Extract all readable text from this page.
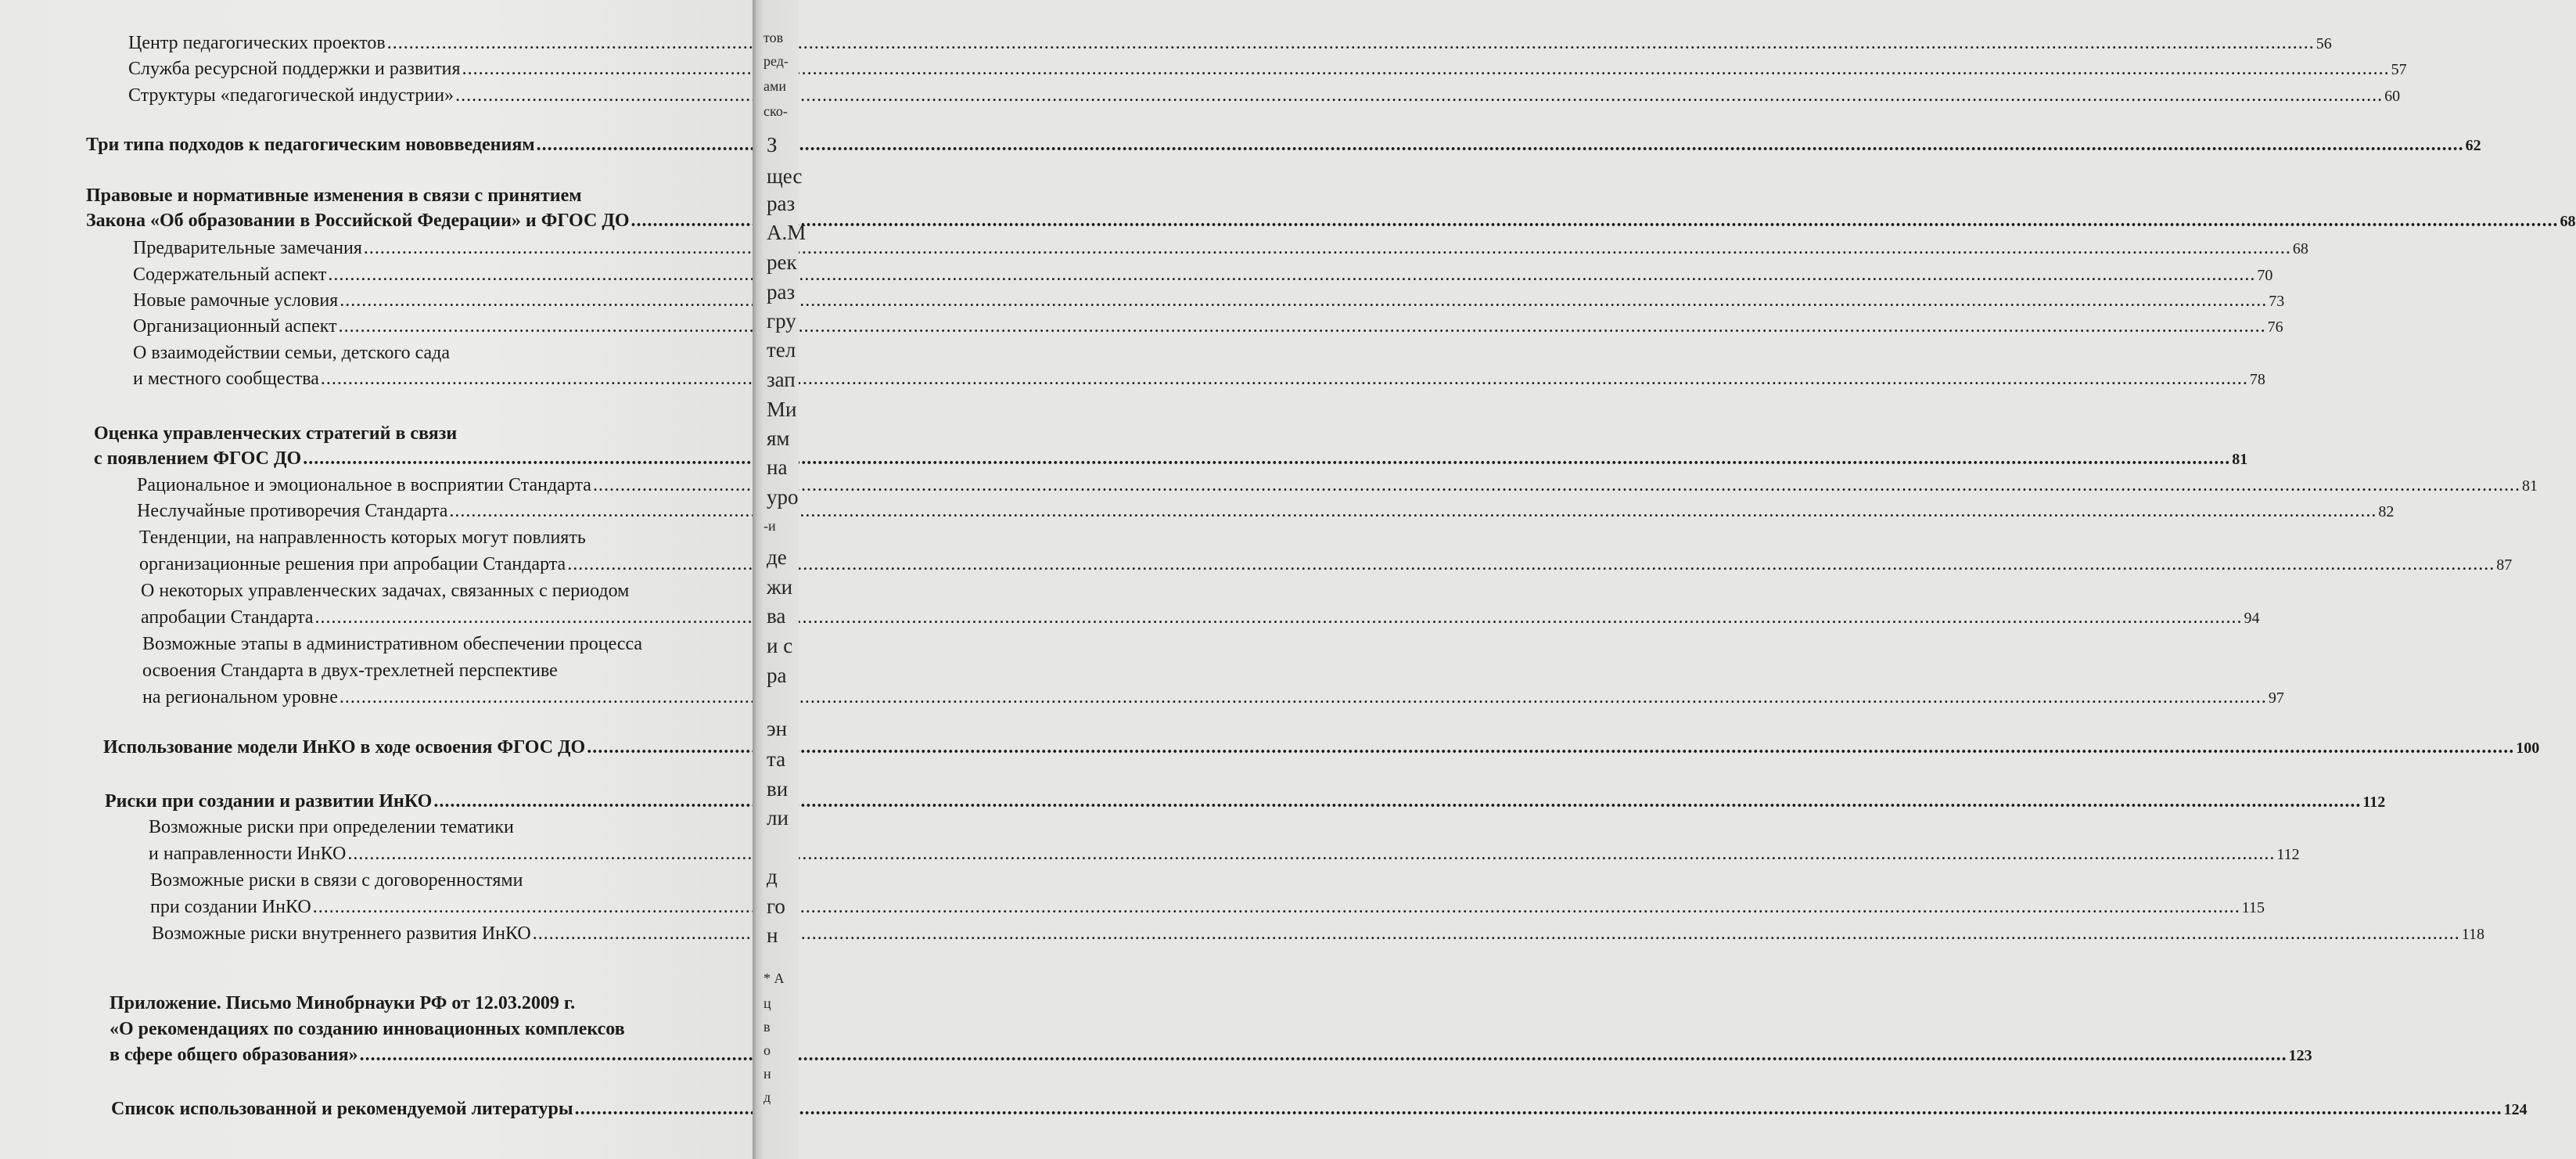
Центр педагогических проектов .....	56
Служба ресурсной поддержки и развития .....	57
Структуры «педагогической индустрии» .....	60
Три типа подходов к педагогическим нововведениям .....	62
Правовые и нормативные изменения в связи с принятием
Закона «Об образовании в Российской Федерации» и ФГОС ДО .....	68
Предварительные замечания .....	68
Содержательный аспект .....	70
Новые рамочные условия .....	73
Организационный аспект .....	76
О взаимодействии семьи, детского сада
и местного сообщества .....	78
Оценка управленческих стратегий в связи
с появлением ФГОС ДО .....	81
Рациональное и эмоциональное в восприятии Стандарта .....	81
Неслучайные противоречия Стандарта .....	82
Тенденции, на направленность которых могут повлиять
организационные решения при апробации Стандарта .....	87
О некоторых управленческих задачах, связанных с периодом
апробации Стандарта .....	94
Возможные этапы в административном обеспечении процесса
освоения Стандарта в двух-трехлетней перспективе
на региональном уровне .....	97
Использование модели ИнКО в ходе освоения ФГОС ДО .....	100
Риски при создании и развитии ИнКО .....	112
Возможные риски при определении тематики
и направленности ИнКО .....	112
Возможные риски в связи с договоренностями
при создании ИнКО .....	115
Возможные риски внутреннего развития ИнКО .....	118
Приложение. Письмо Минобрнауки РФ от 12.03.2009 г.
«О рекомендациях по созданию инновационных комплексов
в сфере общего образования» .....	123
Список использованной и рекомендуемой литературы .....	124
тов
ред-
ами
ско-
З
щес
раз
А.М
рек
раз
гру
тел
зап
Ми
ям
на
уро
-и
де
жи
ва
и с
ра
эн
та
ви
ли
д
го
н
* А
ц
в
о
н
д
